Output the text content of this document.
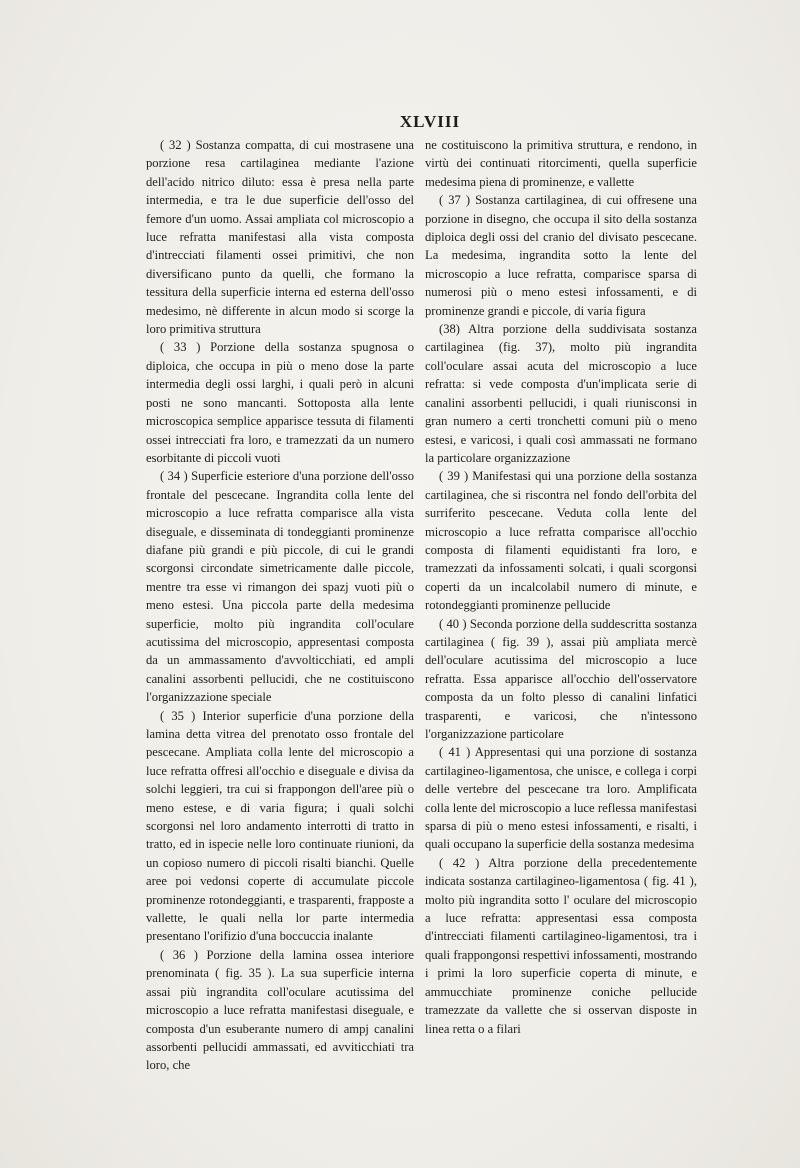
XLVIII

( 32 ) Sostanza compatta, di cui mostrasene una porzione resa cartilaginea mediante l'azione dell'acido nitrico diluto: essa è presa nella parte intermedia, e tra le due superficie dell'osso del femore d'un uomo. Assai ampliata col microscopio a luce refratta manifestasi alla vista composta d'intrecciati filamenti ossei primitivi, che non diversificano punto da quelli, che formano la tessitura della superficie interna ed esterna dell'osso medesimo, nè differente in alcun modo si scorge la loro primitiva struttura

( 33 ) Porzione della sostanza spugnosa o diploica, che occupa in più o meno dose la parte intermedia degli ossi larghi, i quali però in alcuni posti ne sono mancanti. Sottoposta alla lente microscopica semplice apparisce tessuta di filamenti ossei intrecciati fra loro, e tramezzati da un numero esorbitante di piccoli vuoti

( 34 ) Superficie esteriore d'una porzione dell'osso frontale del pescecane. Ingrandita colla lente del microscopio a luce refratta comparisce alla vista diseguale, e disseminata di tondeggianti prominenze diafane più grandi e più piccole, di cui le grandi scorgonsi circondate simetricamente dalle piccole, mentre tra esse vi rimangon dei spazj vuoti più o meno estesi. Una piccola parte della medesima superficie, molto più ingrandita coll'oculare acutissima del microscopio, appresentasi composta da un ammassamento d'avvolticchiati, ed ampli canalini assorbenti pellucidi, che ne costituiscono l'organizzazione speciale

( 35 ) Interior superficie d'una porzione della lamina detta vitrea del prenotato osso frontale del pescecane. Ampliata colla lente del microscopio a luce refratta offresi all'occhio e diseguale e divisa da solchi leggieri, tra cui si frappongon dell'aree più o meno estese, e di varia figura; i quali solchi scorgonsi nel loro andamento interrotti di tratto in tratto, ed in ispecie nelle loro continuate riunioni, da un copioso numero di piccoli risalti bianchi. Quelle aree poi vedonsi coperte di accumulate piccole prominenze rotondeggianti, e trasparenti, frapposte a vallette, le quali nella lor parte intermedia presentano l'orifizio d'una boccuccia inalante

( 36 ) Porzione della lamina ossea interiore prenominata ( fig. 35 ). La sua superficie interna assai più ingrandita coll'oculare acutissima del microscopio a luce refratta manifestasi diseguale, e composta d'un esuberante numero di ampj canalini assorbenti pellucidi ammassati, ed avviticchiati tra loro, che

ne costituiscono la primitiva struttura, e rendono, in virtù dei continuati ritorcimenti, quella superficie medesima piena di prominenze, e vallette

( 37 ) Sostanza cartilaginea, di cui offresene una porzione in disegno, che occupa il sito della sostanza diploica degli ossi del cranio del divisato pescecane. La medesima, ingrandita sotto la lente del microscopio a luce refratta, comparisce sparsa di numerosi più o meno estesi infossamenti, e di prominenze grandi e piccole, di varia figura

(38) Altra porzione della suddivisata sostanza cartilaginea (fig. 37), molto più ingrandita coll'oculare assai acuta del microscopio a luce refratta: si vede composta d'un'implicata serie di canalini assorbenti pellucidi, i quali riunisconsi in gran numero a certi tronchetti comuni più o meno estesi, e varicosi, i quali così ammassati ne formano la particolare organizzazione

( 39 ) Manifestasi qui una porzione della sostanza cartilaginea, che si riscontra nel fondo dell'orbita del surriferito pescecane. Veduta colla lente del microscopio a luce refratta comparisce all'occhio composta di filamenti equidistanti fra loro, e tramezzati da infossamenti solcati, i quali scorgonsi coperti da un incalcolabil numero di minute, e rotondeggianti prominenze pellucide

( 40 ) Seconda porzione della suddescritta sostanza cartilaginea ( fig. 39 ), assai più ampliata mercè dell'oculare acutissima del microscopio a luce refratta. Essa apparisce all'occhio dell'osservatore composta da un folto plesso di canalini linfatici trasparenti, e varicosi, che n'intessono l'organizzazione particolare

( 41 ) Appresentasi qui una porzione di sostanza cartilagineo-ligamentosa, che unisce, e collega i corpi delle vertebre del pescecane tra loro. Amplificata colla lente del microscopio a luce reflessa manifestasi sparsa di più o meno estesi infossamenti, e risalti, i quali occupano la superficie della sostanza medesima

( 42 ) Altra porzione della precedentemente indicata sostanza cartilagineo-ligamentosa ( fig. 41 ), molto più ingrandita sotto l' oculare del microscopio a luce refratta: appresentasi essa composta d'intrecciati filamenti cartilagineo-ligamentosi, tra i quali frappongonsi respettivi infossamenti, mostrando i primi la loro superficie coperta di minute, e ammucchiate prominenze coniche pellucide tramezzate da vallette che si osservan disposte in linea retta o a filari
